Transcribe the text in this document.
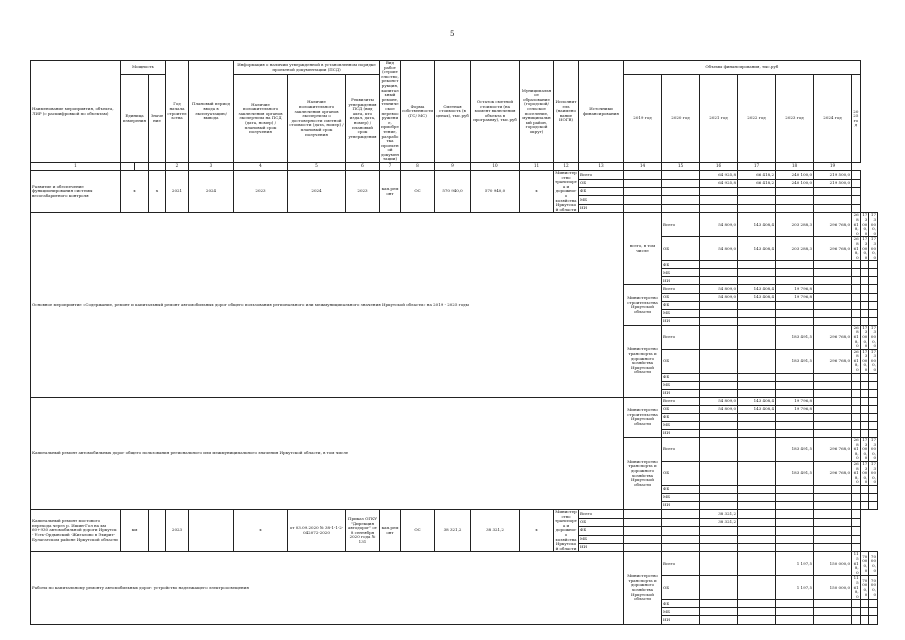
5
Наименование мероприятия, объекта, ЛИР (с расшифровкой по объектам)	Мощность			Год начала строительства	Плановый период ввода в эксплуатацию/ вывода	Информация о наличии утвержденной в установленном порядке проектной документации (ПСД)			Вид работ (строительство, реконструкция, капитальный ремонт, техническое перевооружение, приобретение, разработка проектной документации)	Форма собственности (ГС/ МС)	Сметная стоимость (в ценах), тыс.руб	Остаток сметной стоимости (на момент включения объекта в программу), тыс.руб	Муниципальное образование (городской/сельское поселение, муниципальный район, городской округ)	Исполнитель (наименование ИОГВ)	Источники финансирования	Объемы финансирования, тыс.руб								
	Единица измерения		Значение			Наличие положительного заключения органов экспертизы на ПСД (дата, номер) / плановый срок получения	Наличие положительного заключения органов экспертизы о достоверности сметной стоимости (дата, номер) / плановый срок получения	Реквизиты утверждения ПСД (вид акта, кто издал, дата, номер) / плановый срок утверждения								2019 год	2020 год	2021 год	2022 год	2023 год	2024 год	2025 год		
1				2	3	4	5	6	7	8	9	10	11	12	13	14	15	16	17	18	19			
Развитие и обеспечение функционирования системы весогабаритного контроля	х		х	2021	2024	2023	2024	2023	кап.ремонт	ОС	570 940,0	570 940,0	х	Министерство транспорта и дорожного хозяйства Иркутской области	Всего			64 925,8	66 418,2	240 100,0	219 500,0			
															ОБ			64 925,8	66 418,2	240 100,0	219 500,0			
															ФБ									
															МБ									
															ИИ									
Основное мероприятие «Содержание, ремонт и капитальный ремонт автомобильных дорог общего пользования регионального или межмуниципального значения Иркутской области» на 2019 - 2025 годы																всего, в том числе	Всего	54 809,0	143 408,4	203 288,3	296 768,0	268 618,0	173 000,0	173 000,0
																	ОБ	54 809,0	143 408,4	203 288,3	296 768,0	268 618,0	173 000,0	173 000,0
																	ФБ							
																	МБ							
																	ИИ							
																Министерство строительства Иркутской области	Всего	54 809,0	143 408,4	19 796,8				
																	ОБ	54 809,0	143 408,4	19 796,8				
																	ФБ							
																	МБ							
																	ИИ							
																Министерство транспорта и дорожного хозяйства Иркутской области	Всего			183 491,5	296 768,0	268 618,0	173 000,0	173 000,0
																	ОБ			183 491,5	296 768,0	268 618,0	173 000,0	173 000,0
																	ФБ							
																	МБ							
																	ИИ							
Капитальный ремонт автомобильных дорог общего пользования регионального или межмуниципального значения Иркутской области, в том числе																Министерство строительства Иркутской области	Всего	54 809,0	143 408,4	19 796,8				
																	ОБ	54 809,0	143 408,4	19 796,8				
																	ФБ							
																	МБ							
																	ИИ							
																Министерство транспорта и дорожного хозяйства Иркутской области	Всего			183 491,5	296 768,0	268 618,0	173 000,0	173 000,0
																	ОБ			183 491,5	296 768,0	268 618,0	173 000,0	173 000,0
																	ФБ							
																	МБ							
																	ИИ							
Капитальный ремонт мостового перехода через р. Ишин-Гол на км 60+930 автомобильной дороги Иркутск - Усть-Ордынский -Жигалово в Эхирит-Булагатском районе Иркутской области	км			2023		х	от 03.09.2020 № 38-1-1-2-042072-2020	Приказ ОГКУ "Дирекция автодорог" от 8 сентября 2020 года № 131	кап.ремонт	ОС	38 321,2	38 321,2	х	Министерство транспорта и дорожного хозяйства Иркутской области	Всего			38 321,2						
															ОБ			38 321,2						
															ФБ									
															МБ									
															ИИ									
Работы по капитальному ремонту автомобильных дорог: устройство надлежащего электроосвещения																Министерство транспорта и дорожного хозяйства Иркутской области	Всего			1 197,5	150 000,0	115 618,0	70 000,0	70 000,0
																	ОБ			1 197,5	150 000,0	115 618,0	70 000,0	70 000,0
																	ФБ							
																	МБ							
																	ИИ							
